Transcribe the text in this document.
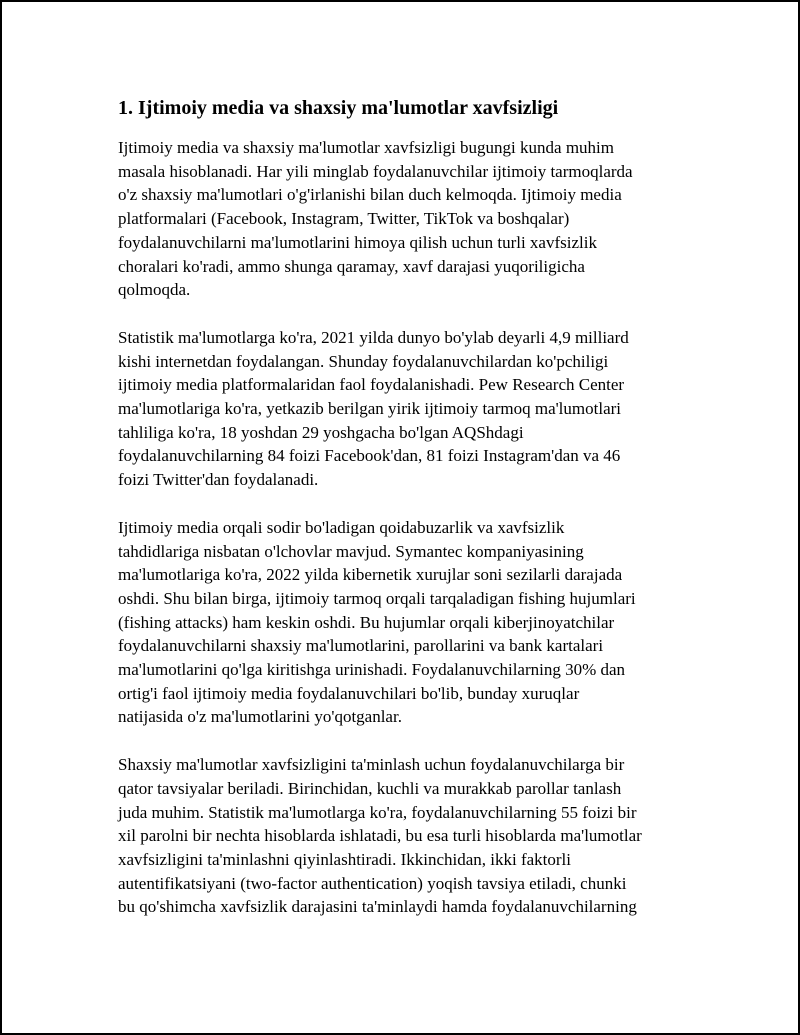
1. Ijtimoiy media va shaxsiy ma'lumotlar xavfsizligi

Ijtimoiy media va shaxsiy ma'lumotlar xavfsizligi bugungi kunda muhim
masala hisoblanadi. Har yili minglab foydalanuvchilar ijtimoiy tarmoqlarda
o'z shaxsiy ma'lumotlari o'g'irlanishi bilan duch kelmoqda. Ijtimoiy media
platformalari (Facebook, Instagram, Twitter, TikTok va boshqalar)
foydalanuvchilarni ma'lumotlarini himoya qilish uchun turli xavfsizlik
choralari ko'radi, ammo shunga qaramay, xavf darajasi yuqoriligicha
qolmoqda.

Statistik ma'lumotlarga ko'ra, 2021 yilda dunyo bo'ylab deyarli 4,9 milliard
kishi internetdan foydalangan. Shunday foydalanuvchilardan ko'pchiligi
ijtimoiy media platformalaridan faol foydalanishadi. Pew Research Center
ma'lumotlariga ko'ra, yetkazib berilgan yirik ijtimoiy tarmoq ma'lumotlari
tahliliga ko'ra, 18 yoshdan 29 yoshgacha bo'lgan AQShdagi
foydalanuvchilarning 84 foizi Facebook'dan, 81 foizi Instagram'dan va 46
foizi Twitter'dan foydalanadi.

Ijtimoiy media orqali sodir bo'ladigan qoidabuzarlik va xavfsizlik
tahdidlariga nisbatan o'lchovlar mavjud. Symantec kompaniyasining
ma'lumotlariga ko'ra, 2022 yilda kibernetik xurujlar soni sezilarli darajada
oshdi. Shu bilan birga, ijtimoiy tarmoq orqali tarqaladigan fishing hujumlari
(fishing attacks) ham keskin oshdi. Bu hujumlar orqali kiberjinoyatchilar
foydalanuvchilarni shaxsiy ma'lumotlarini, parollarini va bank kartalari
ma'lumotlarini qo'lga kiritishga urinishadi. Foydalanuvchilarning 30% dan
ortig'i faol ijtimoiy media foydalanuvchilari bo'lib, bunday xuruqlar
natijasida o'z ma'lumotlarini yo'qotganlar.

Shaxsiy ma'lumotlar xavfsizligini ta'minlash uchun foydalanuvchilarga bir
qator tavsiyalar beriladi. Birinchidan, kuchli va murakkab parollar tanlash
juda muhim. Statistik ma'lumotlarga ko'ra, foydalanuvchilarning 55 foizi bir
xil parolni bir nechta hisoblarda ishlatadi, bu esa turli hisoblarda ma'lumotlar
xavfsizligini ta'minlashni qiyinlashtiradi. Ikkinchidan, ikki faktorli
autentifikatsiyani (two-factor authentication) yoqish tavsiya etiladi, chunki
bu qo'shimcha xavfsizlik darajasini ta'minlaydi hamda foydalanuvchilarning
